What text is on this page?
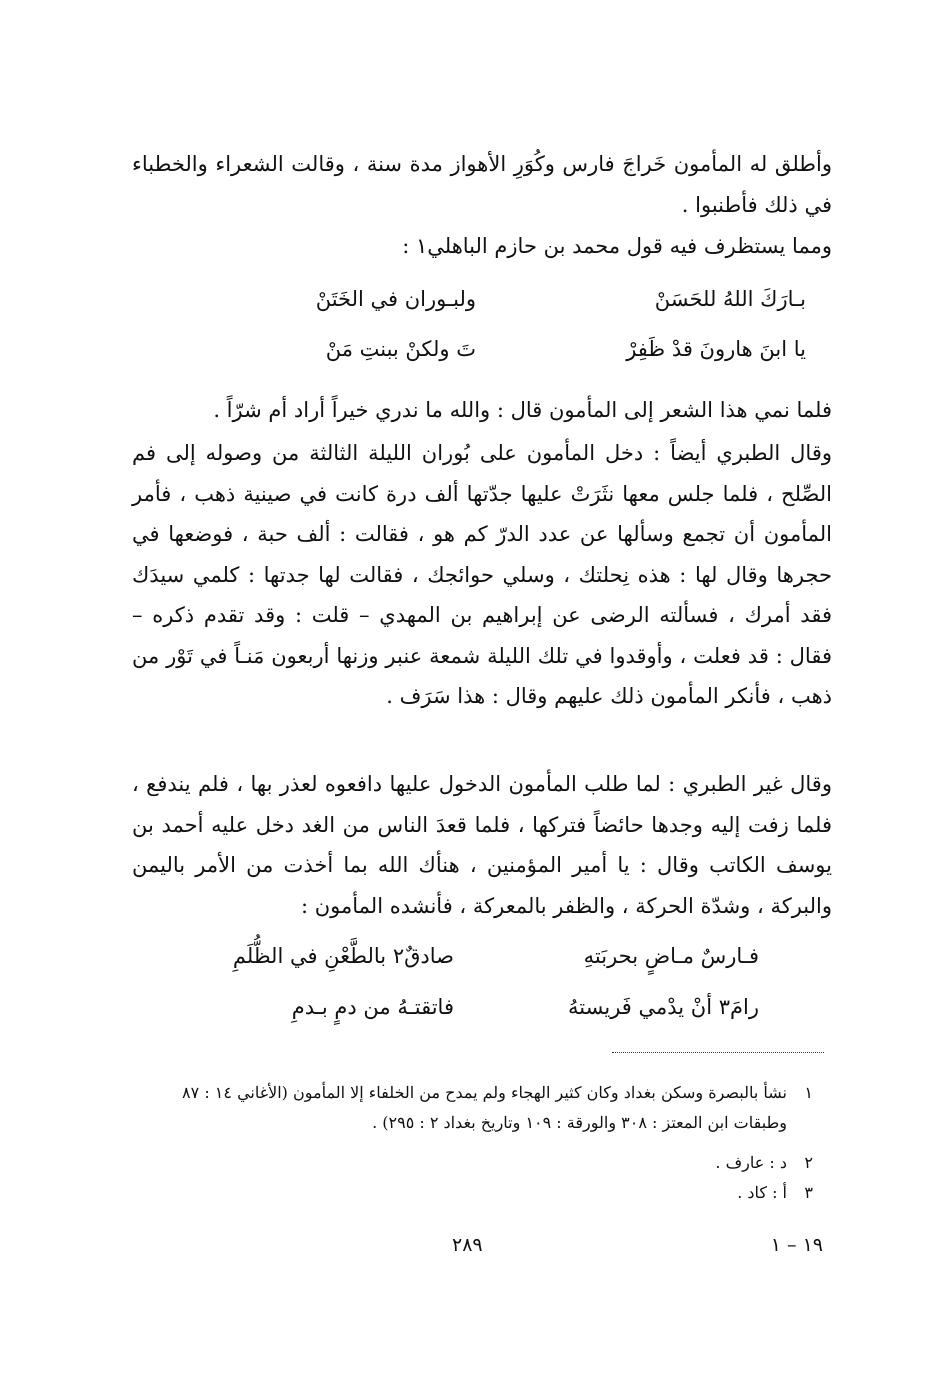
وأطلق له المأمون خَراجَ فارس وكُوَرِ الأهواز مدة سنة ، وقالت الشعراء والخطباء في ذلك فأطنبوا .

ومما يستظرف فيه قول محمد بن حازم الباهلي١ :

بـارَكَ اللهُ للحَسَنْ
ولبـوران في الخَتَنْ
يا ابنَ هارونَ قدْ ظَفِرْ
تَ ولكنْ ببنتِ مَنْ

فلما نمي هذا الشعر إلى المأمون قال : والله ما ندري خيراً أراد أم شرّاً .

وقال الطبري أيضاً : دخل المأمون على بُوران الليلة الثالثة من وصوله إلى فم الصِّلح ، فلما جلس معها نثَرَتْ عليها جدّتها ألف درة كانت في صينية ذهب ، فأمر المأمون أن تجمع وسألها عن عدد الدرّ كم هو ، فقالت : ألف حبة ، فوضعها في حجرها وقال لها : هذه نِحلتك ، وسلي حوائجك ، فقالت لها جدتها : كلمي سيدَك فقد أمرك ، فسألته الرضى عن إبراهيم بن المهدي – قلت : وقد تقدم ذكره – فقال : قد فعلت ، وأوقدوا في تلك الليلة شمعة عنبر وزنها أربعون مَنـاً في تَوْر من ذهب ، فأنكر المأمون ذلك عليهم وقال : هذا سَرَف .

وقال غير الطبري : لما طلب المأمون الدخول عليها دافعوه لعذر بها ، فلم يندفع ، فلما زفت إليه وجدها حائضاً فتركها ، فلما قعدَ الناس من الغد دخل عليه أحمد بن يوسف الكاتب وقال : يا أمير المؤمنين ، هنأك الله بما أخذت من الأمر باليمن والبركة ، وشدّة الحركة ، والظفر بالمعركة ، فأنشده المأمون :

فـارسٌ مـاضٍ بحربَتهِ
صادقٌ٢ بالطَّعْنِ في الظُّلَمِ
رامَ٣ أنْ يدْمي فَريستهُ
فاتقتـهُ من دمٍ بـدمِ
١نشأ بالبصرة وسكن بغداد وكان كثير الهجاء ولم يمدح من الخلفاء إلا المأمون (الأغاني ١٤ : ٨٧
وطبقات ابن المعتز : ٣٠٨ والورقة : ١٠٩ وتاريخ بغداد ٢ : ٢٩٥) .
٢د : عارف .
٣أ : كاد .
١٩ – ١
٢٨٩
